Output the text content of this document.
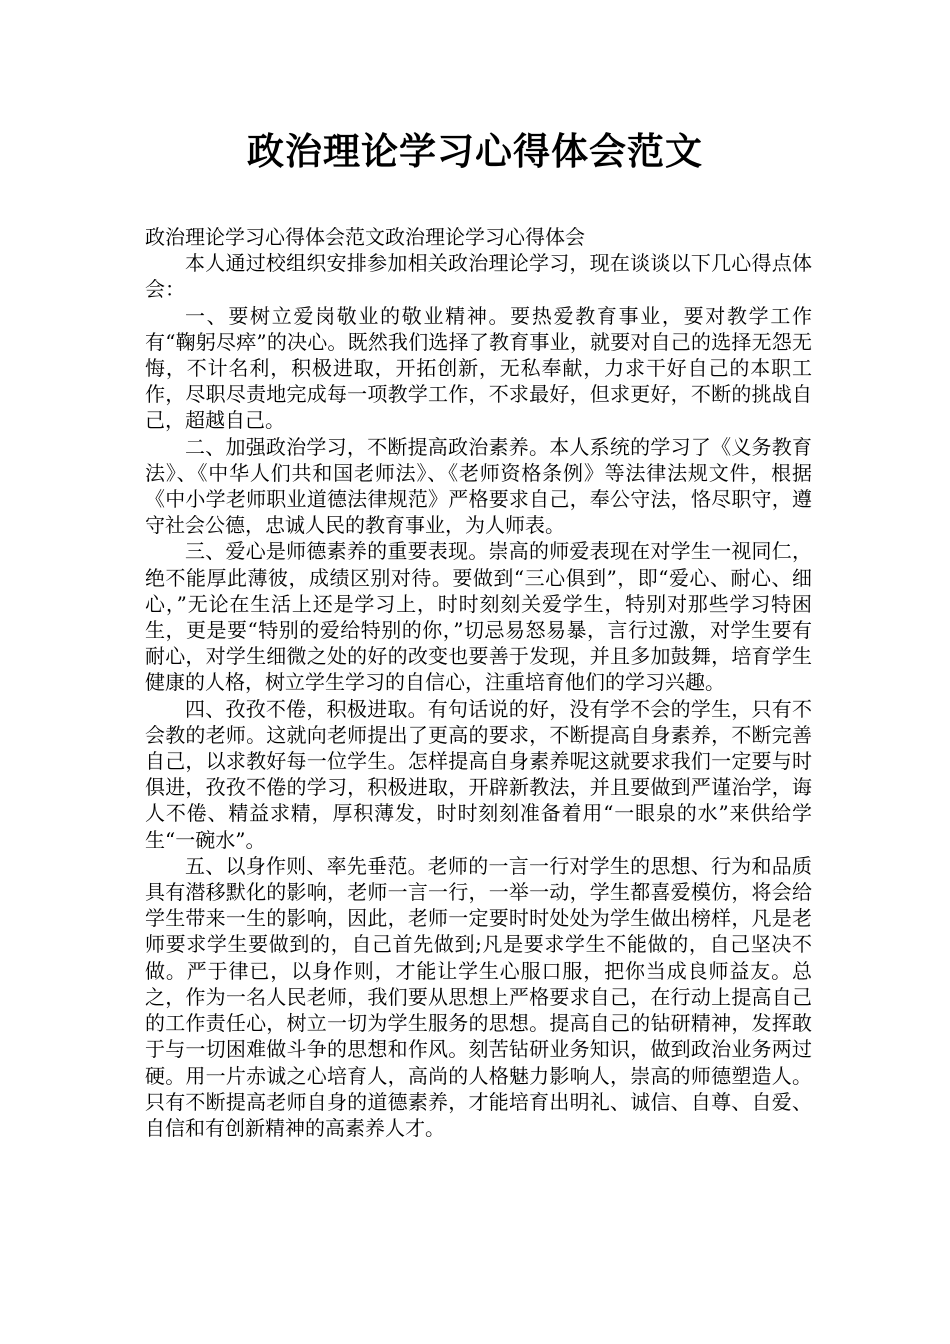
政治理论学习心得体会范文

政治理论学习心得体会范文政治理论学习心得体会

本人通过校组织安排参加相关政治理论学习，现在谈谈以下几心得点体会：

一、要树立爱岗敬业的敬业精神。要热爱教育事业，要对教学工作有“鞠躬尽瘁”的决心。既然我们选择了教育事业，就要对自己的选择无怨无悔，不计名利，积极进取，开拓创新，无私奉献，力求干好自己的本职工作，尽职尽责地完成每一项教学工作，不求最好，但求更好，不断的挑战自己，超越自己。

二、加强政治学习，不断提高政治素养。本人系统的学习了《义务教育法》、《中华人们共和国老师法》、《老师资格条例》等法律法规文件，根据《中小学老师职业道德法律规范》严格要求自己，奉公守法，恪尽职守，遵守社会公德，忠诚人民的教育事业，为人师表。

三、爱心是师德素养的重要表现。崇高的师爱表现在对学生一视同仁，绝不能厚此薄彼，成绩区别对待。要做到“三心俱到”，即“爱心、耐心、细心，”无论在生活上还是学习上，时时刻刻关爱学生，特别对那些学习特困生，更是要“特别的爱给特别的你，”切忌易怒易暴，言行过激，对学生要有耐心，对学生细微之处的好的改变也要善于发现，并且多加鼓舞，培育学生健康的人格，树立学生学习的自信心，注重培育他们的学习兴趣。

四、孜孜不倦，积极进取。有句话说的好，没有学不会的学生，只有不会教的老师。这就向老师提出了更高的要求，不断提高自身素养，不断完善自己，以求教好每一位学生。怎样提高自身素养呢这就要求我们一定要与时俱进，孜孜不倦的学习，积极进取，开辟新教法，并且要做到严谨治学，诲人不倦、精益求精，厚积薄发，时时刻刻准备着用“一眼泉的水”来供给学生“一碗水”。

五、以身作则、率先垂范。老师的一言一行对学生的思想、行为和品质具有潜移默化的影响，老师一言一行，一举一动，学生都喜爱模仿，将会给学生带来一生的影响，因此，老师一定要时时处处为学生做出榜样，凡是老师要求学生要做到的，自己首先做到;凡是要求学生不能做的，自己坚决不做。严于律已，以身作则，才能让学生心服口服，把你当成良师益友。总之，作为一名人民老师，我们要从思想上严格要求自己，在行动上提高自己的工作责任心，树立一切为学生服务的思想。提高自己的钻研精神，发挥敢于与一切困难做斗争的思想和作风。刻苦钻研业务知识，做到政治业务两过硬。用一片赤诚之心培育人，高尚的人格魅力影响人，崇高的师德塑造人。只有不断提高老师自身的道德素养，才能培育出明礼、诚信、自尊、自爱、自信和有创新精神的高素养人才。
